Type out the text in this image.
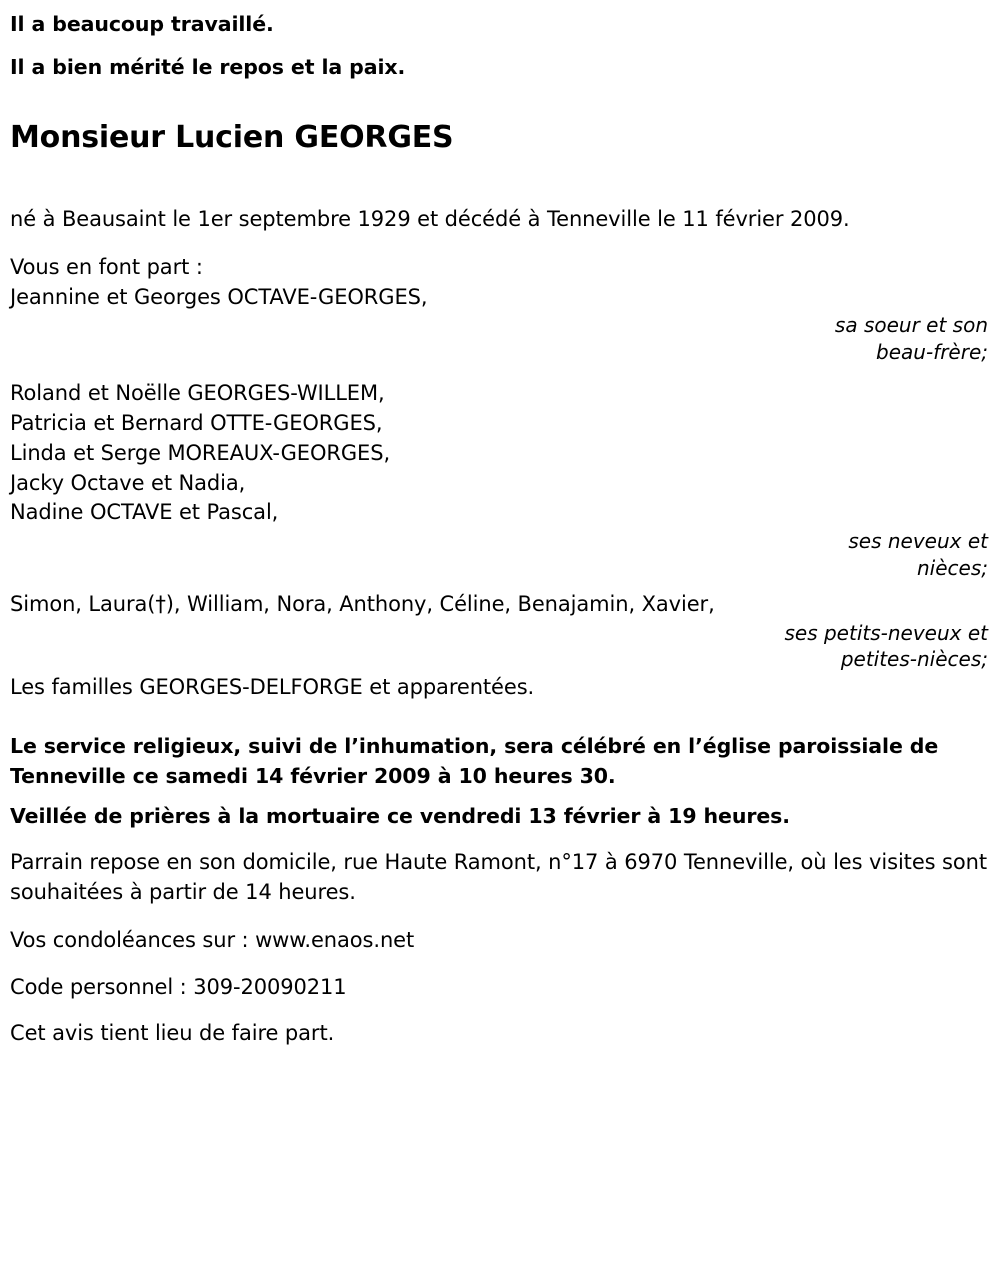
Il a beaucoup travaillé.

Il a bien mérité le repos et la paix.

Monsieur Lucien GEORGES

né à Beausaint le 1er septembre 1929 et décédé à Tenneville le 11 février 2009.

Vous en font part :

Jeannine et Georges OCTAVE-GEORGES,
sa soeur et son
beau-frère;
Roland et Noëlle GEORGES-WILLEM,
Patricia et Bernard OTTE-GEORGES,
Linda et Serge MOREAUX-GEORGES,
Jacky Octave et Nadia,
Nadine OCTAVE et Pascal,
ses neveux et
nièces;
Simon, Laura(†), William, Nora, Anthony, Céline, Benajamin, Xavier,
ses petits-neveux et
petites-nièces;
Les familles GEORGES-DELFORGE et apparentées.

Le service religieux, suivi de l’inhumation, sera célébré en l’église paroissiale de Tenneville ce samedi 14 février 2009 à 10 heures 30.

Veillée de prières à la mortuaire ce vendredi 13 février à 19 heures.

Parrain repose en son domicile, rue Haute Ramont, n°17 à 6970 Tenneville, où les visites sont souhaitées à partir de 14 heures.

Vos condoléances sur : www.enaos.net

Code personnel : 309-20090211

Cet avis tient lieu de faire part.
